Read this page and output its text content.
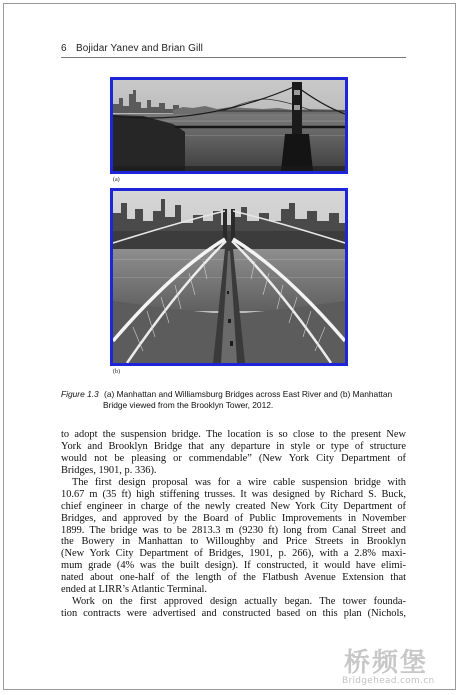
6 Bojidar Yanev and Brian Gill
(a)
(b)
Figure 1.3 (a) Manhattan and Williamsburg Bridges across East River and (b) Manhattan
Bridge viewed from the Brooklyn Tower, 2012.
to adopt the suspension bridge. The location is so close to the present New
York and Brooklyn Bridge that any departure in style or type of structure
would not be pleasing or commendable” (New York City Department of
Bridges, 1901, p. 336).
The first design proposal was for a wire cable suspension bridge with
10.67 m (35 ft) high stiffening trusses. It was designed by Richard S. Buck,
chief engineer in charge of the newly created New York City Department of
Bridges, and approved by the Board of Public Improvements in November
1899. The bridge was to be 2813.3 m (9230 ft) long from Canal Street and
the Bowery in Manhattan to Willoughby and Price Streets in Brooklyn
(New York City Department of Bridges, 1901, p. 266), with a 2.8% maxi-
mum grade (4% was the built design). If constructed, it would have elimi-
nated about one-half of the length of the Flatbush Avenue Extension that
ended at LIRR’s Atlantic Terminal.
Work on the first approved design actually began. The tower founda-
tion contracts were advertised and constructed based on this plan (Nichols,
桥频堡
Bridgehead.com.cn
